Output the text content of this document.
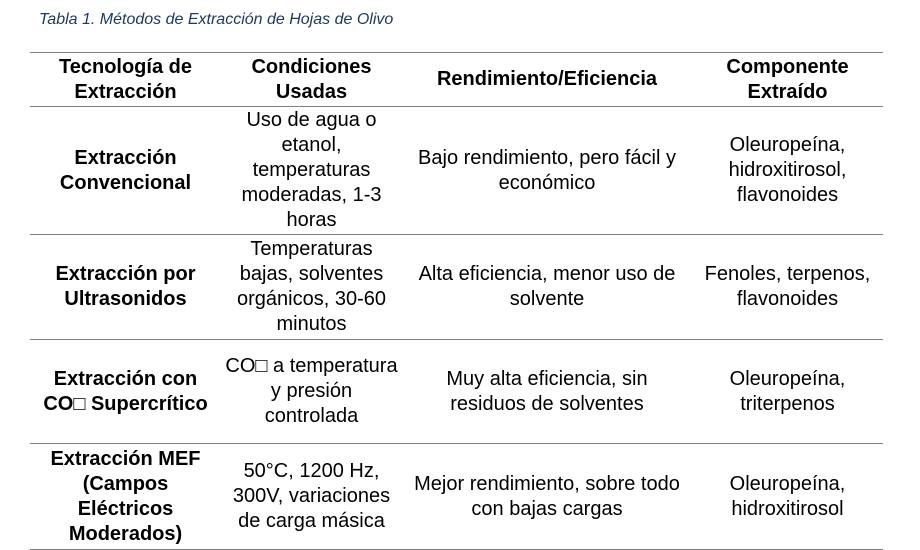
Tabla 1. Métodos de Extracción de Hojas de Olivo
Tecnología de Extracción	Condiciones Usadas	Rendimiento/Eficiencia	Componente Extraído
Extracción Convencional	Uso de agua o etanol, temperaturas moderadas, 1-3 horas	Bajo rendimiento, pero fácil y económico	Oleuropeína, hidroxitirosol, flavonoides
Extracción por Ultrasonidos	Temperaturas bajas, solventes orgánicos, 30-60 minutos	Alta eficiencia, menor uso de solvente	Fenoles, terpenos, flavonoides
Extracción con CO□ Supercrítico	CO□ a temperatura y presión controlada	Muy alta eficiencia, sin residuos de solventes	Oleuropeína, triterpenos
Extracción MEF (Campos Eléctricos Moderados)	50°C, 1200 Hz, 300V, variaciones de carga másica	Mejor rendimiento, sobre todo con bajas cargas	Oleuropeína, hidroxitirosol
